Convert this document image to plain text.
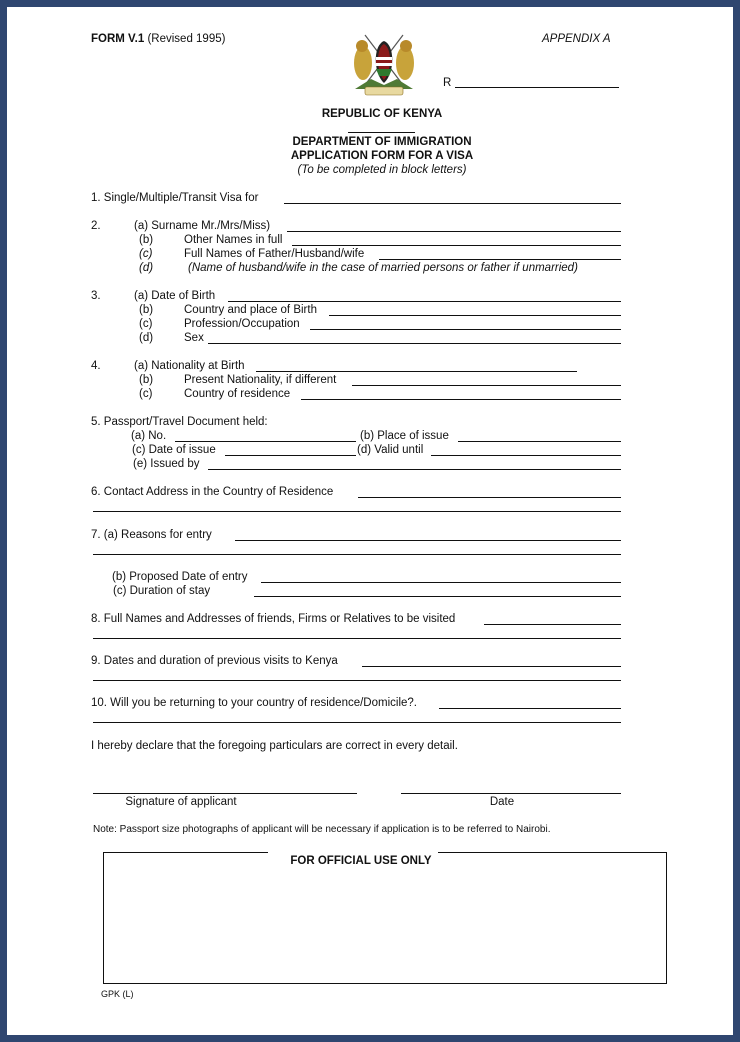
FORM V.1 (Revised 1995)	APPENDIX A
R
REPUBLIC OF KENYA
DEPARTMENT OF IMMIGRATION
APPLICATION FORM FOR A VISA
(To be completed in block letters)
1. Single/Multiple/Transit Visa for
2.	(a) Surname Mr./Mrs/Miss)
(b)	Other Names in full
(c)	Full Names of Father/Husband/wife
(d)	(Name of husband/wife in the case of married persons or father if unmarried)
3.	(a) Date of Birth
(b)	Country and place of Birth
(c)	Profession/Occupation
(d)	Sex
4.	(a) Nationality at Birth
(b)	Present Nationality, if different
(c)	Country of residence
5. Passport/Travel Document held:
(a) No.	(b) Place of issue
(c) Date of issue	(d) Valid until
(e) Issued by
6. Contact Address in the Country of Residence
7. (a) Reasons for entry
(b) Proposed Date of entry
(c) Duration of stay
8. Full Names and Addresses of friends, Firms or Relatives to be visited
9. Dates and duration of previous visits to Kenya
10. Will you be returning to your country of residence/Domicile?.
I hereby declare that the foregoing particulars are correct in every detail.
Signature of applicant	Date
Note: Passport size photographs of applicant will be necessary if application is to be referred to Nairobi.
FOR OFFICIAL USE ONLY
GPK (L)
